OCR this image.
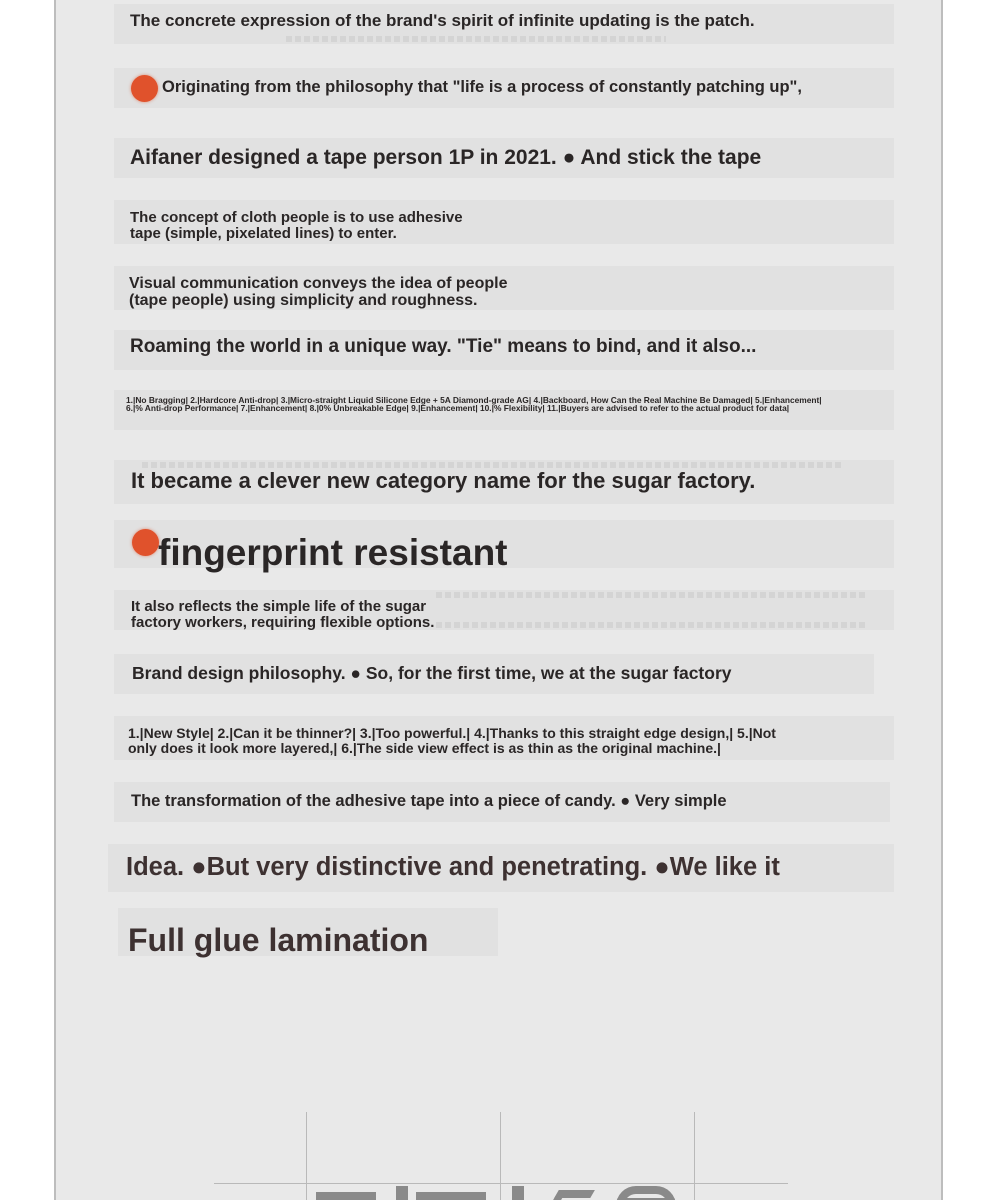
The concrete expression of the brand's spirit of infinite updating is the patch.
Originating from the philosophy that "life is a process of constantly patching up",
Aifaner designed a tape person 1P in 2021. ● And stick the tape
The concept of cloth people is to use adhesive
tape (simple, pixelated lines) to enter.
Visual communication conveys the idea of people
(tape people) using simplicity and roughness.
Roaming the world in a unique way. "Tie" means to bind, and it also...
1.|No Bragging| 2.|Hardcore Anti-drop| 3.|Micro-straight Liquid Silicone Edge + 5A Diamond-grade AG| 4.|Backboard, How Can the Real Machine Be Damaged| 5.|Enhancement|
6.|% Anti-drop Performance| 7.|Enhancement| 8.|0% Unbreakable Edge| 9.|Enhancement| 10.|% Flexibility| 11.|Buyers are advised to refer to the actual product for data|
It became a clever new category name for the sugar factory.
fingerprint resistant
It also reflects the simple life of the sugar
factory workers, requiring flexible options.
Brand design philosophy. ● So, for the first time, we at the sugar factory
1.|New Style| 2.|Can it be thinner?| 3.|Too powerful.| 4.|Thanks to this straight edge design,| 5.|Not
only does it look more layered,| 6.|The side view effect is as thin as the original machine.|
The transformation of the adhesive tape into a piece of candy. ● Very simple
Idea. ●But very distinctive and penetrating. ●We like it
Full glue lamination
